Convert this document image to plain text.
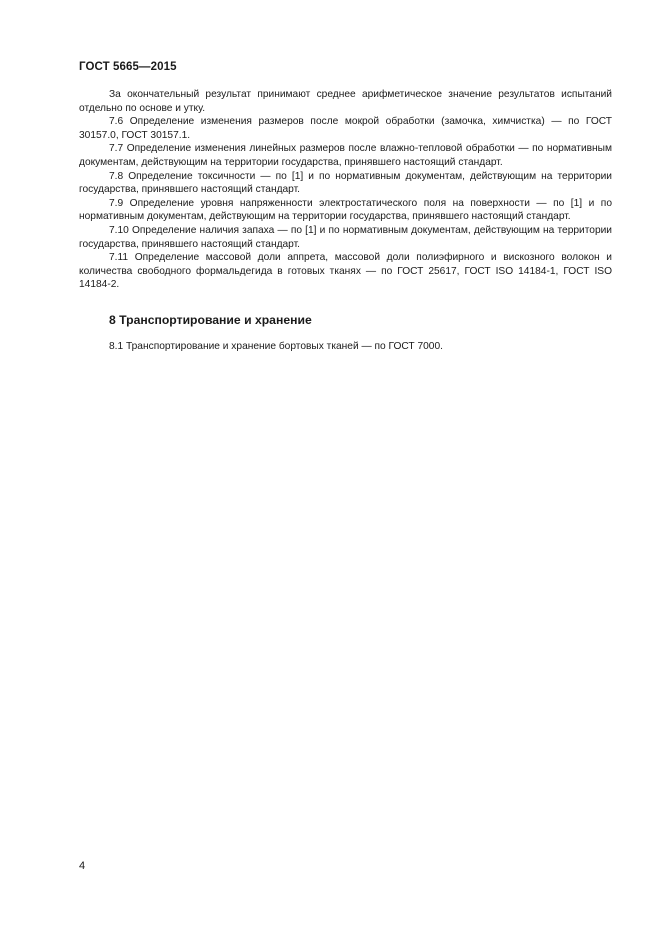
ГОСТ 5665—2015

За окончательный результат принимают среднее арифметическое значение результатов испытаний отдельно по основе и утку.

7.6 Определение изменения размеров после мокрой обработки (замочка, химчистка) — по ГОСТ 30157.0, ГОСТ 30157.1.

7.7 Определение изменения линейных размеров после влажно-тепловой обработки — по нормативным документам, действующим на территории государства, принявшего настоящий стандарт.

7.8 Определение токсичности — по [1] и по нормативным документам, действующим на территории государства, принявшего настоящий стандарт.

7.9 Определение уровня напряженности электростатического поля на поверхности — по [1] и по нормативным документам, действующим на территории государства, принявшего настоящий стандарт.

7.10 Определение наличия запаха — по [1] и по нормативным документам, действующим на территории государства, принявшего настоящий стандарт.

7.11 Определение массовой доли аппрета, массовой доли полиэфирного и вискозного волокон и количества свободного формальдегида в готовых тканях — по ГОСТ 25617, ГОСТ ISO 14184-1, ГОСТ ISO 14184-2.

8 Транспортирование и хранение

8.1 Транспортирование и хранение бортовых тканей — по ГОСТ 7000.

4
